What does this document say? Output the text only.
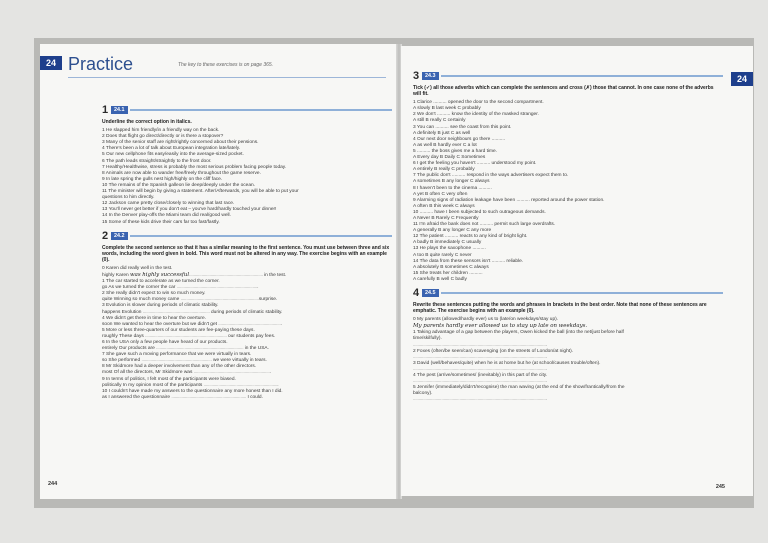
24 Practice	The key to these exercises is on page 365.
1	24.1
Underline the correct option in italics.
1 He slapped him friendly/in a friendly way on the back.
2 Does that flight go direct/directly or is there a stopover?
3 Many of the senior staff are right/rightly concerned about their pensions.
4 There's been a lot of talk about European integration late/lately.
5 Our new cellphone fits easy/easily into the average-sized pocket.
6 The path leads straight/straightly to the front door.
7 Healthy/Healthwise, stress is probably the most serious problem facing people today.
8 Animals are now able to wander free/freely throughout the game reserve.
9 In late spring the gulls nest high/highly on the cliff face.
10 The remains of the Spanish galleon lie deep/deeply under the ocean.
11 The minister will begin by giving a statement. After/Afterwards, you will be able to put your
questions to him directly.
12 Jackson came pretty close/closely to winning that last race.
13 You'll never get better if you don't eat – you've hard/hardly touched your dinner!
14 In the Denver play-offs the Miami team did real/good well.
15 Some of these kids drive their cars far too fast/fastly.
2	24.2
Complete the second sentence so that it has a similar meaning to the first sentence. You must use between three and six words, including the word given in bold. This word must not be altered in any way. The exercise begins with an example (0).
0 Karen did really well in the test.
highly Karen was highly successful................................................................. in the test.
1 The car started to accelerate as we turned the corner.
go As we turned the corner the car ........................................................................
2 She really didn't expect to win so much money.
quite Winning so much money came .....................................................................surprise.
3 Evolution is slower during periods of climatic stability.
happens Evolution ........................................................... during periods of climatic stability.
4 We didn't get there in time to hear the overture.
soon We wanted to hear the overture but we didn't get ........................................................
5 More or less three-quarters of our students are fee-paying these days.
roughly These days ........................................................................ our students pay fees.
6 In the USA only a few people have heard of our products.
entirely Our products are ............................................................................. in the USA.
7 She gave such a moving performance that we were virtually in tears.
so She performed .............................................................. we were virtually in tears.
8 Mr Skidmore had a deeper involvement than any of the other directors.
most Of all the directors, Mr Skidmore was ....................................................................
9 In terms of politics, I felt most of the participants were biased.
politically In my opinion most of the participants ..................................................................
10 I couldn't have made my answers to the questionnaire any more honest than I did.
as I answered the questionnaire .................................................................. I could.
244
24
3	24.3
Tick (✓) all those adverbs which can complete the sentences and cross (✗) those that cannot. In one case none of the adverbs will fit.
1 Clarice .......... opened the door to the second compartment.
A slowly B last week C probably
2 We don't .......... know the identity of the masked stranger.
A still B really C certainly
3 You can .......... see the coast from this point.
A definitely B just C as well
4 Our next door neighbours go there ..........
A as well B hardly ever C a lot
5 .......... the boss gives me a hard time.
A Every day B Daily C Sometimes
6 I get the feeling you haven't .......... understood my point.
A entirely B really C probably
7 The public don't .......... respond in the ways advertisers expect them to.
A sometimes B any longer C always
8 I haven't been to the cinema ..........
A yet B often C very often
9 Alarming signs of radiation leakage have been .......... reported around the power station.
A often B this week C always
10 .......... have I been subjected to such outrageous demands.
A Never B Rarely C Frequently
11 I'm afraid the bank does not .......... permit such large overdrafts.
A generally B any longer C any more
12 The patient .......... reacts to any kind of bright light.
A badly B immediately C usually
13 He plays the saxophone ..........
A too B quite rarely C never
14 The data from these sensors isn't .......... reliable.
A absolutely B sometimes C always
15 She treats her children ..........
A carefully B well C badly
4	24.5
Rewrite these sentences putting the words and phrases in brackets in the best order. Note that none of these sentences are emphatic. The exercise begins with an example (0).
0 My parents (allowed/hardly ever) us to (late/on weekdays/stay up).
My parents hardly ever allowed us to stay up late on weekdays.
1 Taking advantage of a gap between the players, Owen kicked the ball (into the net/just before half
time/skilfully).
......................................................................................................................
2 Foxes (often/be seen/can) scavenging (on the streets of London/at night).
......................................................................................................................
3 David (well/behaves/quite) when he is at home but he (at school/causes trouble/often).
......................................................................................................................
4 The pest (arrive/sometimes/ (inevitably) in this part of the city.
......................................................................................................................
5 Jennifer (immediately/didn't/recognise) the man waving (at the end of the show/frantically/from the
balcony).
......................................................................................................................
245
